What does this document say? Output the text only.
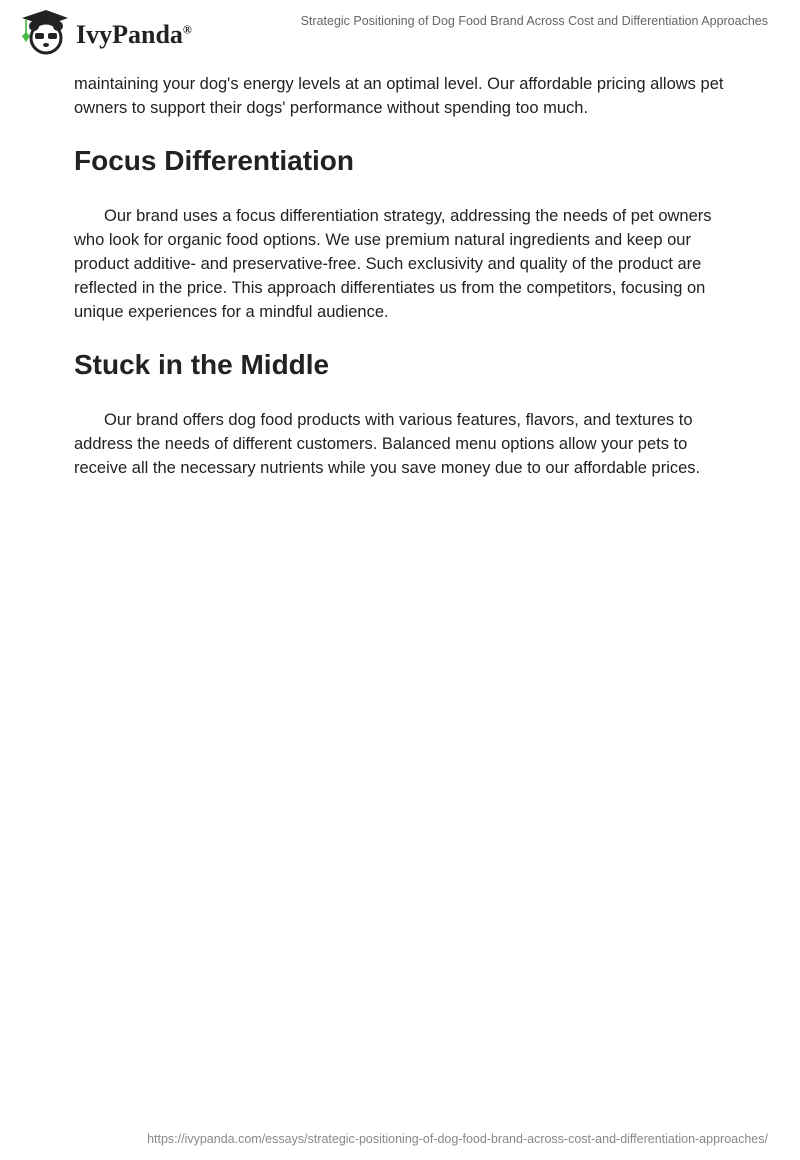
IvyPanda®
Strategic Positioning of Dog Food Brand Across Cost and Differentiation Approaches

maintaining your dog's energy levels at an optimal level. Our affordable pricing allows pet owners to support their dogs' performance without spending too much.

Focus Differentiation

Our brand uses a focus differentiation strategy, addressing the needs of pet owners who look for organic food options. We use premium natural ingredients and keep our product additive- and preservative-free. Such exclusivity and quality of the product are reflected in the price. This approach differentiates us from the competitors, focusing on unique experiences for a mindful audience.

Stuck in the Middle

Our brand offers dog food products with various features, flavors, and textures to address the needs of different customers. Balanced menu options allow your pets to receive all the necessary nutrients while you save money due to our affordable prices.

https://ivypanda.com/essays/strategic-positioning-of-dog-food-brand-across-cost-and-differentiation-approaches/
